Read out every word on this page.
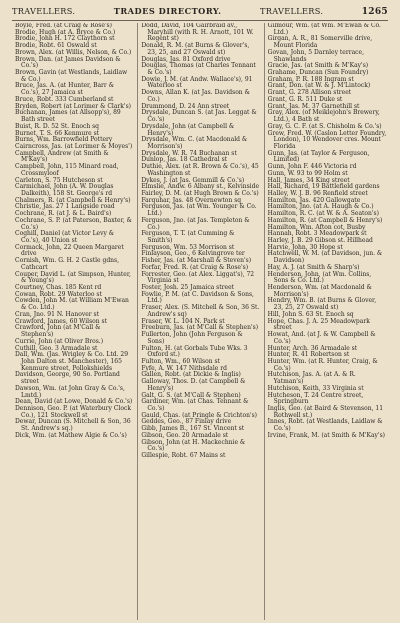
TRAVELLERS.	TRADES DIRECTORY.	TRAVELLERS.	1265
Boyle, Fred. (at Craig & Rose's)
Brodie, Hugh (at A. Bryce & Co.)
Brodie, John H. 172 Claythorn st
Brodie, Robt. 61 Oswald st
Brown, Alex. (at Willis, Nelson, & Co.)
Brown, Dan. (at James Davidson & Co.'s)
Brown, Gavin (at Westlands, Laidlaw & Co.)
Bruce, Jas. A. (at Hunter, Barr & Co.'s), 27 Jamaica st
Bruce, Robt. 333 Cumberland st
Bryden, Robert (at Lorimer & Clark's)
Buchanan, James (at Allsopp's), 89 Bath street
Buist, R. D. 52 St. Enoch sq
Burnet, T. S. 66 Kenmure st
Burns, Wm. Barrowfield Pottery
Cairncross, Jas. (at Lorimer & Moyes')
Campbell, Andrew (at Smith & M'Kay's)
Campbell, John, 115 Minard road, Crossmyloof
Carleton, S. 75 Hutcheson st
Carmichael, John (A. W. Douglas Dalkeith), 158 St. George's rd
Chalmers, R. (at Campbell & Henry's)
Christie, Jas. 27 1 Langside road
Cochrane, R. (at J. & L. Baird's)
Cochrane, S. P. (at Paterson, Baxter, & Co.'s)
Coghill, Daniel (at Victor Levy & Co.'s), 40 Union st
Cormack, John, 22 Queen Margaret drive
Cornish, Wm. G. H. 2 Castle gdns, Cathcart
Couper, David L. (at Simpson, Hunter, & Young's)
Courtney, Chas. 185 Kent rd
Cowan, Robt. 29 Waterloo st
Cowden, John M. (at William M'Ewan & Co. Ltd.)
Cran, Jno. 91 N. Hanover st
Crawford, James, 60 Wilson st
Crawford, John (at M'Call & Stephen's)
Currie, John (at Oliver Bros.)
Cuthill, Geo. 3 Armadale st
Dall, Wm. (Jas. Wrigley & Co. Ltd. 29 John Dalton st. Manchester), 165 Kenmure street, Pollokshields
Davidson, George, 90 So. Portland street
Dawson, Wm. (at John Gray & Co.'s, Lmtd.)
Dean, David (at Lowe, Donald & Co.'s)
Dennison, Geo. P. (at Waterbury Clock Co.), 121 Stockwell st
Dewar, Duncan (S. Mitchell & Son, 36 St. Andrew's sq.)
Dick, Wm. (at Mathew Algie & Co.'s)
Dodd, David, 104 Gairbraid av., Maryhill (with R. H. Arnott, 101 W. Regent st)
Donald, R. M. (at Burns & Glover's, 23, 25, and 27 Oswald st)
Douglas, Jas. 81 Oxford drive
Douglas, Thomas (at Charles Tennant & Co.'s)
Dowie, J. M. (at Andw. Wallace's), 91 Waterloo st
Downs, Allan K. (at Jas. Davidson & Co.)
Drummond, D. 24 Ann street
Drysdale, Duncan S. (at Jas. Leggat & Co.'s)
Drysdale, John (at Campbell & Henry's)
Drysdale, Wm. C. (at Macdonald & Morrison's)
Drysdale, W. R. 74 Buchanan st
Dunlop, Jas. 18 Cathedral st
Duthie, Alex. (at R. Brown & Co.'s), 45 Washington st
Dykes, J. (at Jas. Gemmill & Co.'s)
Elmslie, Andw. 6 Albany st., Kelvinside
Fairley, D. M. (at Hugh Brown & Co.'s)
Farquhar, Jas. 48 Overnewton sq
Ferguson, Jas. (at Wm. Younger & Co. Ltd.)
Ferguson, Jno. (at Jas. Templeton & Co.)
Ferguson, T. T. (at Cumming & Smith's)
Ferguson, Wm. 53 Morrison st
Finlayson, Geo., 6 Kelvingrove ter
Fisher, Jas. (at Marshall & Steven's)
Forfar, Fred. R. (at Craig & Rose's)
Forrester, Geo. (at Alex. Liggat's), 72 Virginia st
Foster, Josh. 25 Jamaica street
Fowlie, P. M. (at C. Davidson & Sons, Ltd.)
Fraser, Alex. (S. Mitchell & Son, 36 St. Andrew's sq)
Fraser, W. L. 104 N. Park st
Freeburn, Jas. (at M'Call & Stephen's)
Fullerton, John (John Ferguson & Sons)
Fulton, H. (at Gorbals Tube Wks. 3 Oxford st.)
Fulton, Wm., 60 Wilson st
Fyfe, A. W. 147 Nithsdale rd
Gallen, Robt. (at Dickie & Inglis)
Galloway, Thos. D. (at Campbell & Henry's)
Galt, G. S. (at M'Call & Stephen)
Gardiner, Wm. (at Chas. Tennant & Co.'s)
Gauld, Chas. (at Pringle & Crichton's)
Geddes, Geo., 87 Finlay drive
Gibb, James B., 167 St. Vincent st
Gibson, Geo. 20 Armadale st
Gibson, John (at H. Mackechnie & Co.'s)
Gillespie, Robt. 67 Mains st
Gilmour, Wm. (at Wm. M'Ewan & Co. Ltd.)
Girgan, A. R., 81 Somerville drive, Mount Florida
Govan, John, 5 Darnley terrace, Shawlands
Gracie, Jas. (at Smith & M'Kay's)
Grahame, Duncan (Sun Foundry)
Graham, P. R. 188 Ingram st
Grant, Don. (at W. & J. M'Lintock)
Grant, G. 278 Allison street
Grant, G. R. 511 Duke st
Grant, Jas. M. 37 Garnethill st
Gray, Alex. (of Meiklejohn's Brewery, Ltd.), 4 Bath st
Gray, G. C. F. (at S. Chisholm & Co.'s)
Grew, Fred. W. (Caslon Letter Foundry, London), 10 Wendover cres. Mount Florida
Gunn, Jas. (at Taylor & Ferguson, Limited)
Gunn, John F. 446 Victoria rd
Gunn, W. 93 to 99 Holm st
Hall, James, 34 King street
Hall, Richard, 19 Battlefield gardens
Halley, W. J. B. 96 Renfield street
Hamilton, Jas. 420 Gallowgate
Hamilton, Jno. (at A. Haugh & Co.)
Hamilton, R. C. (at W. & A. Seaton's)
Hamilton, R. (at Campbell & Henry's)
Hamilton, Wm. Afton cot, Busby
Hannah, Robt. 3 Meadowpark st
Harley, J. B. 29 Gibson st. Hillhead
Harvie, John, 30 Hope st
Hatchwell, W. M. (at Davidson, jun. & Davidson)
Hay, A. J. (at Smith & Sharp's)
Henderson, John, (at Wm. Collins, Sons & Co. Ltd.)
Henderson, Wm. (at Macdonald & Morrison's)
Hendry, Wm. B. (at Burns & Glover, 23, 25, 27 Oswald st)
Hill, John S. 63 St. Enoch sq
Hope, Chas. J. A. 25 Meadowpark street
Howat, And. (at J. & W. Campbell & Co.'s)
Hunter, Arch. 36 Armadale st
Hunter, R. 41 Robertson st
Hunter, Wm. (at R. Hunter, Craig, & Co.'s)
Hutchison, Jas. A. (at A. & R. Yatman's)
Hutchison, Keith, 33 Virginia st
Hutcheson, T. 24 Centre street, Springburn
Inglis, Geo. (at Baird & Stevenson, 11 Rothwell st.)
Innes, Robt. (at Westlands, Laidlaw & Co.'s)
Irvine, Frank, M. (at Smith & M'Kay's)
